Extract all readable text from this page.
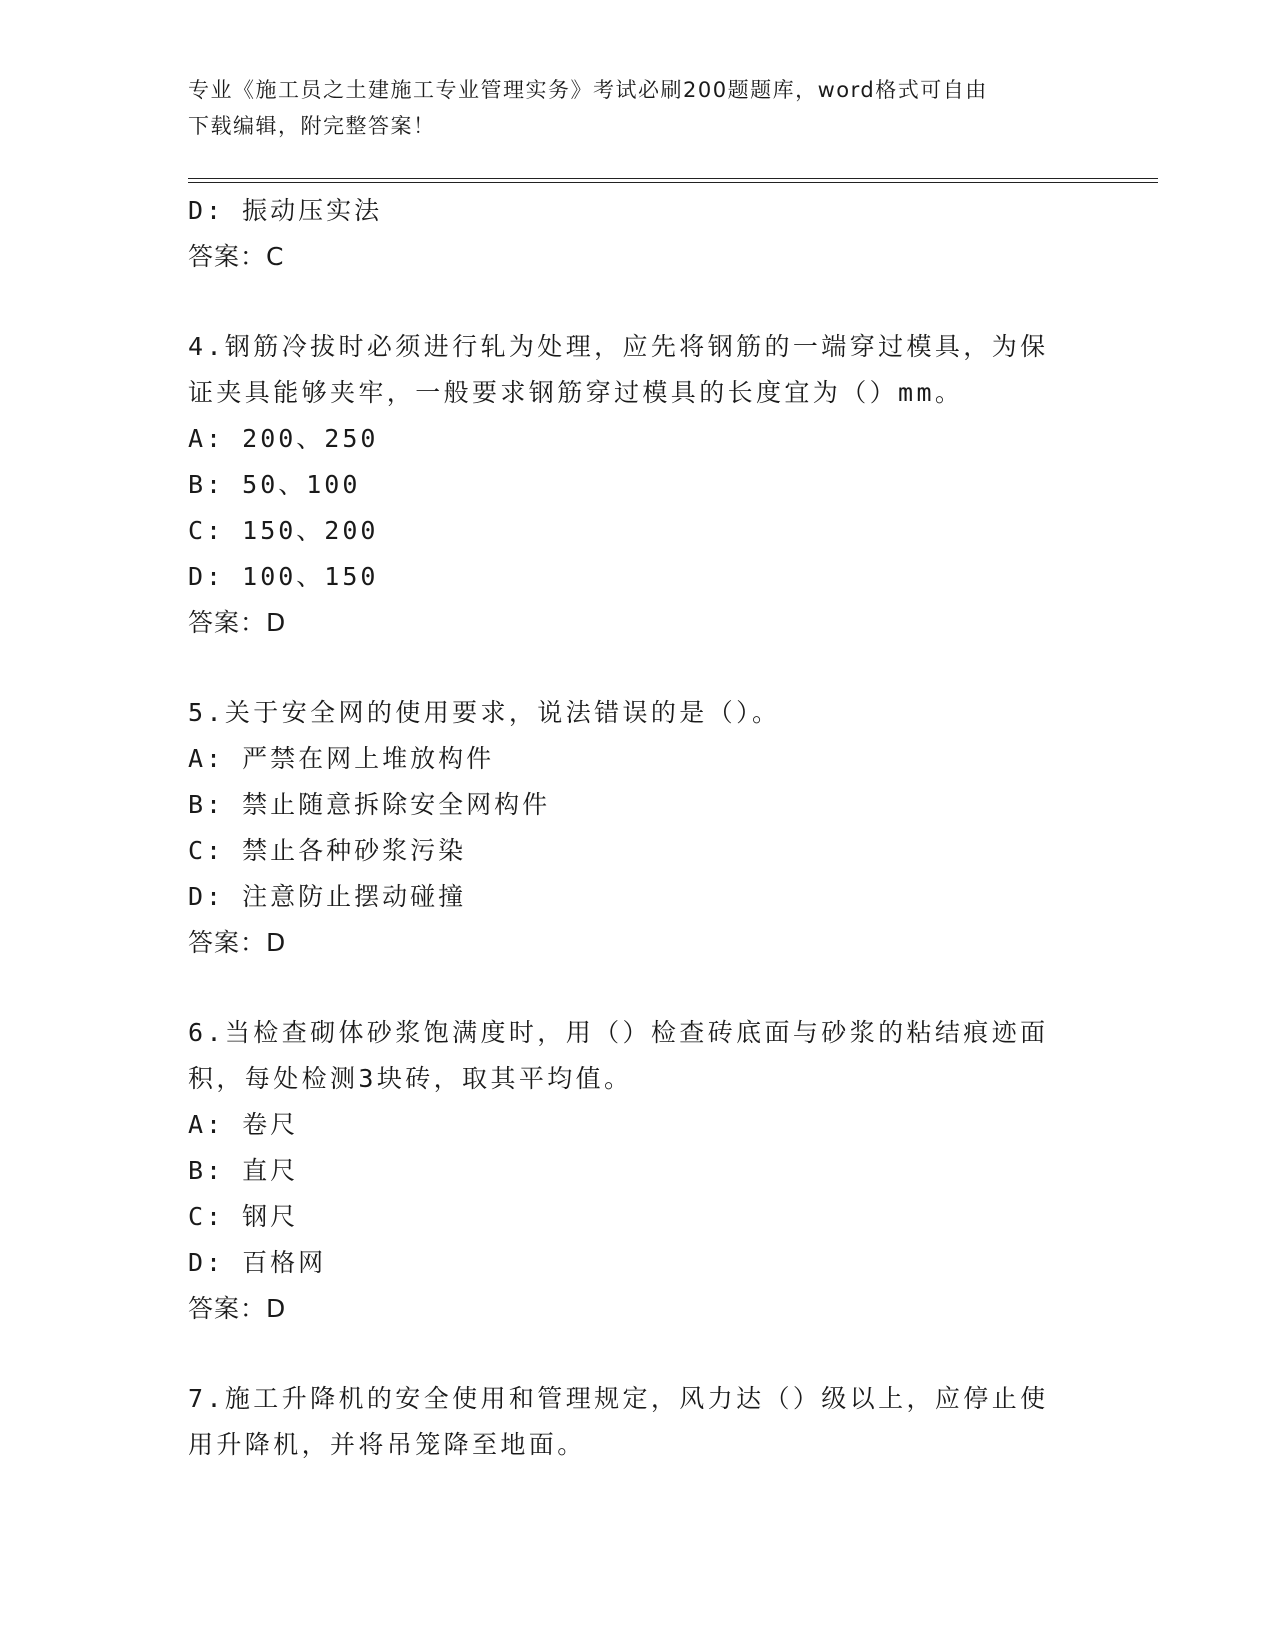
专业《施工员之土建施工专业管理实务》考试必刷200题题库，word格式可自由
下载编辑，附完整答案！
D: 振动压实法
答案：C
4.钢筋冷拔时必须进行轧为处理，应先将钢筋的一端穿过模具，为保
证夹具能够夹牢，一般要求钢筋穿过模具的长度宜为（）mm。
A: 200、250
B: 50、100
C: 150、200
D: 100、150
答案：D
5.关于安全网的使用要求，说法错误的是（）。
A: 严禁在网上堆放构件
B: 禁止随意拆除安全网构件
C: 禁止各种砂浆污染
D: 注意防止摆动碰撞
答案：D
6.当检查砌体砂浆饱满度时，用（）检查砖底面与砂浆的粘结痕迹面
积，每处检测3块砖，取其平均值。
A: 卷尺
B: 直尺
C: 钢尺
D: 百格网
答案：D
7.施工升降机的安全使用和管理规定，风力达（）级以上，应停止使
用升降机，并将吊笼降至地面。
